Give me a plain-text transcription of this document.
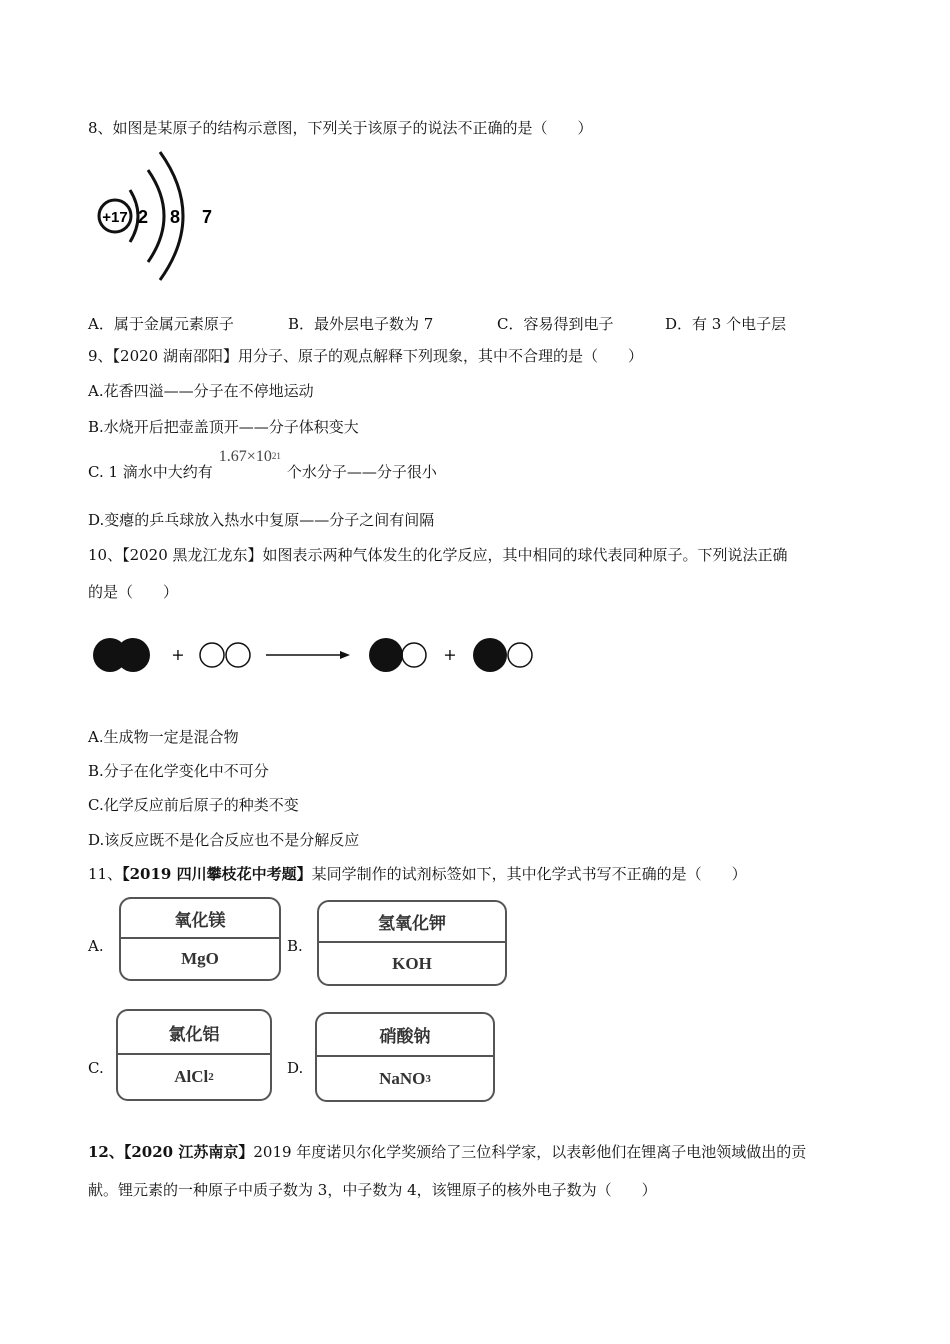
8、如图是某原子的结构示意图，下列关于该原子的说法不正确的是（　　）
+17 2 8 7
A．属于金属元素原子	B．最外层电子数为 7	C．容易得到电子	D．有 3 个电子层
9、【2020 湖南邵阳】用分子、原子的观点解释下列现象，其中不合理的是（　　）
A.花香四溢——分子在不停地运动
B.水烧开后把壶盖顶开——分子体积变大
C. 1 滴水中大约有$1.67\times 10^{21}$个水分子——分子很小
D.变瘪的乒乓球放入热水中复原——分子之间有间隔
10、【2020 黑龙江龙东】如图表示两种气体发生的化学反应，其中相同的球代表同种原子。下列说法正确
的是（　　）
+	+
A.生成物一定是混合物
B.分子在化学变化中不可分
C.化学反应前后原子的种类不变
D.该反应既不是化合反应也不是分解反应
11、【2019 四川攀枝花中考题】某同学制作的试剂标签如下，其中化学式书写不正确的是（　　）
A.
氧化镁
MgO
B.
氢氧化钾
KOH
C.
氯化铝
AlCl 2	D.
硝酸钠
NaNO 3
12、【2020 江苏南京】2019 年度诺贝尔化学奖颁给了三位科学家，以表彰他们在锂离子电池领域做出的贡
献。锂元素的一种原子中质子数为 3，中子数为 4，该锂原子的核外电子数为（　　）
